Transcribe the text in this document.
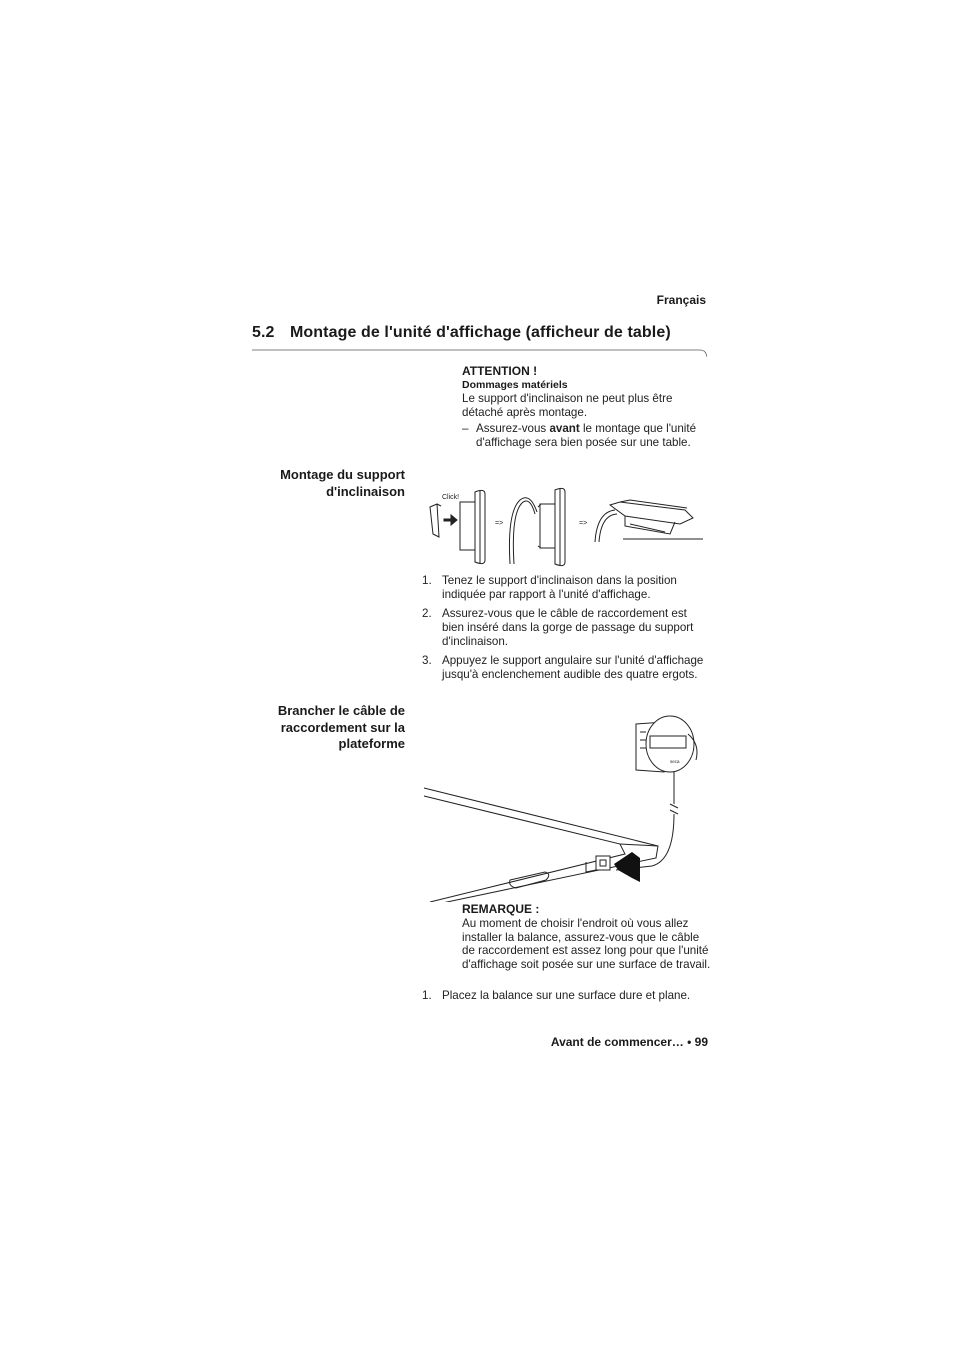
Français
5.2 Montage de l'unité d'affichage (afficheur de table)
ATTENTION !
Dommages matériels
Le support d'inclinaison ne peut plus être détaché après montage.
– Assurez-vous avant le montage que l'unité d'affichage sera bien posée sur une table.
Montage du support
d'inclinaison	Click!
=>	=>
1. Tenez le support d'inclinaison dans la position indiquée par rapport à l'unité d'affichage.
2. Assurez-vous que le câble de raccordement est bien inséré dans la gorge de passage du support d'inclinaison.
3. Appuyez le support angulaire sur l'unité d'affichage jusqu'à enclenchement audible des quatre ergots.
Brancher le câble de
raccordement sur la
plateforme
seca
REMARQUE :
Au moment de choisir l'endroit où vous allez installer la balance, assurez-vous que le câble de raccordement est assez long pour que l'unité d'affichage soit posée sur une surface de travail.
1. Placez la balance sur une surface dure et plane.
Avant de commencer… • 99
